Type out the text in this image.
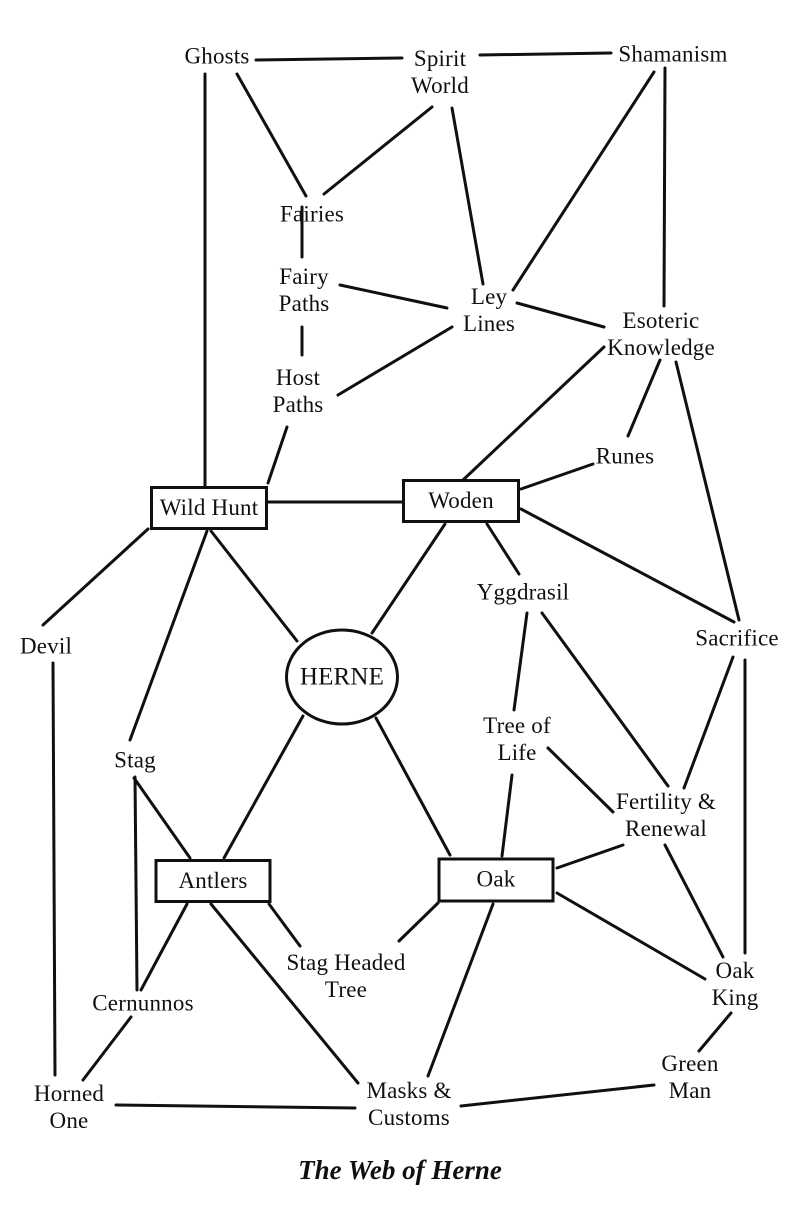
Ghosts	Spirit
World
Shamanism
Fairies
Fairy
Paths	Ley
Lines	Esoteric
Knowledge
Host
Paths
Runes
Wild Hunt	Woden
Yggdrasil
Devil	Sacrifice
HERNE
Stag
Tree of
Life
Fertility &
Renewal
Antlers	Oak
Stag Headed
Tree
Oak
King
Cernunnos
Green
Man
Horned
One
Masks &
Customs
The Web of Herne
